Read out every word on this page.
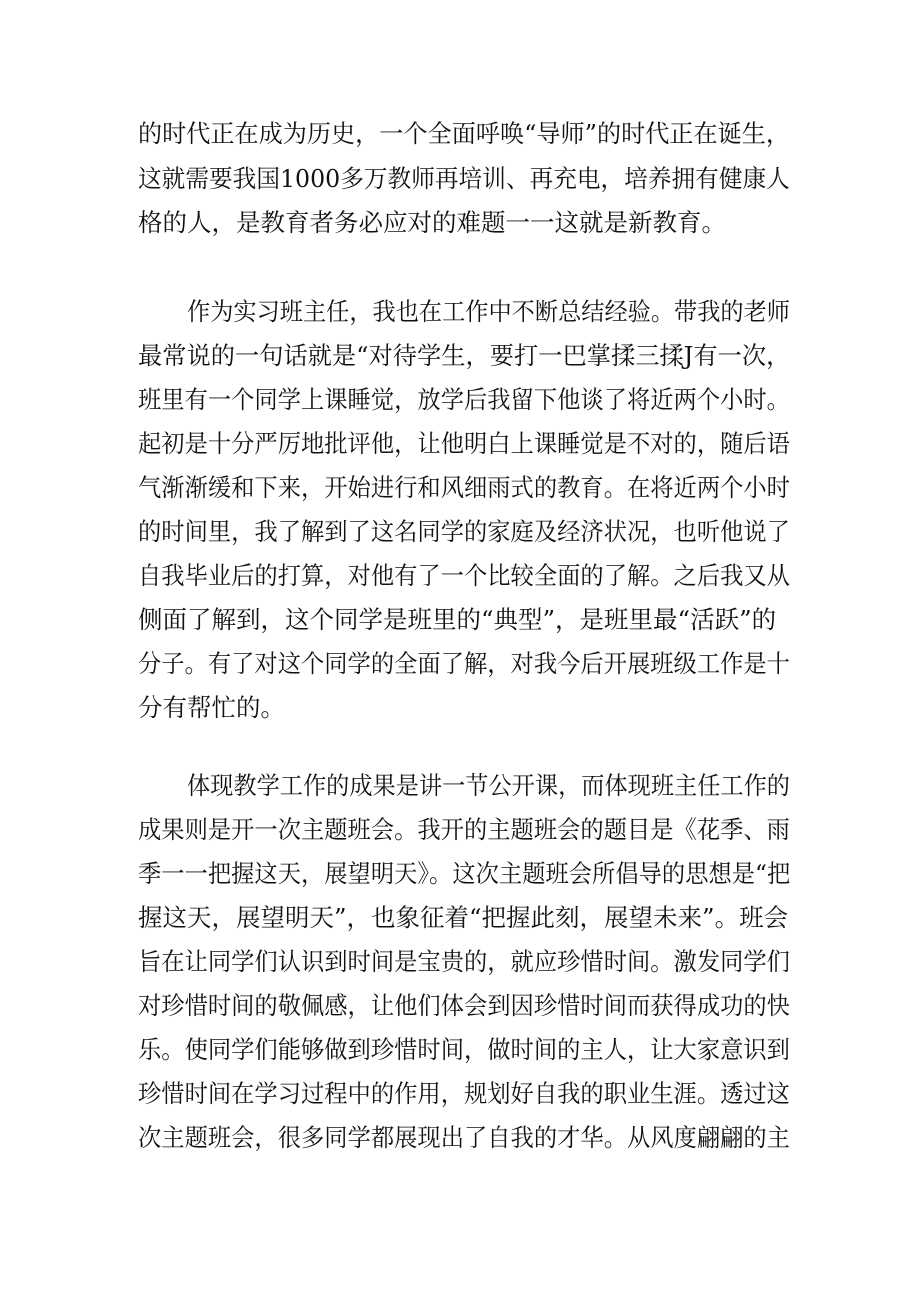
的时代正在成为历史，一个全面呼唤“导师”的时代正在诞生，

这就需要我国1000多万教师再培训、再充电，培养拥有健康人

格的人，是教育者务必应对的难题一一这就是新教育。

作为实习班主任，我也在工作中不断总结经验。带我的老师

最常说的一句话就是“对待学生，要打一巴掌揉三揉J有一次，

班里有一个同学上课睡觉，放学后我留下他谈了将近两个小时。

起初是十分严厉地批评他，让他明白上课睡觉是不对的，随后语

气渐渐缓和下来，开始进行和风细雨式的教育。在将近两个小时

的时间里，我了解到了这名同学的家庭及经济状况，也听他说了

自我毕业后的打算，对他有了一个比较全面的了解。之后我又从

侧面了解到，这个同学是班里的“典型”，是班里最“活跃”的

分子。有了对这个同学的全面了解，对我今后开展班级工作是十

分有帮忙的。

体现教学工作的成果是讲一节公开课，而体现班主任工作的

成果则是开一次主题班会。我开的主题班会的题目是《花季、雨

季一一把握这天，展望明天》。这次主题班会所倡导的思想是“把

握这天，展望明天”，也象征着“把握此刻，展望未来”。班会

旨在让同学们认识到时间是宝贵的，就应珍惜时间。激发同学们

对珍惜时间的敬佩感，让他们体会到因珍惜时间而获得成功的快

乐。使同学们能够做到珍惜时间，做时间的主人，让大家意识到

珍惜时间在学习过程中的作用，规划好自我的职业生涯。透过这

次主题班会，很多同学都展现出了自我的才华。从风度翩翩的主
